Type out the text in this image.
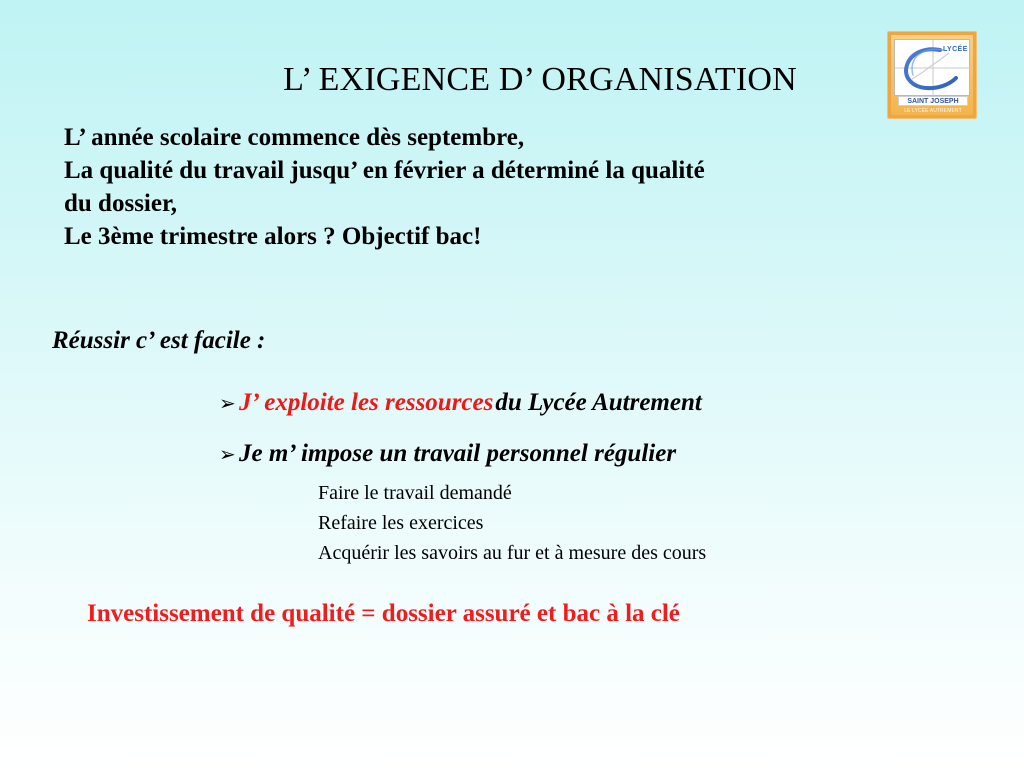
L’ EXIGENCE D’ ORGANISATION
LYCÉE
SAINT JOSEPH
LE LYCÉE AUTREMENT
L’ année scolaire commence dès septembre,
La qualité du travail jusqu’ en février a déterminé la qualité
du dossier,
Le 3ème trimestre alors ? Objectif bac!
Réussir c’ est facile :
➢ J’ exploite les ressources du Lycée Autrement
➢ Je m’ impose un travail personnel régulier
Faire le travail demandé
Refaire les exercices
Acquérir les savoirs au fur et à mesure des cours
Investissement de qualité = dossier assuré et bac à la clé
